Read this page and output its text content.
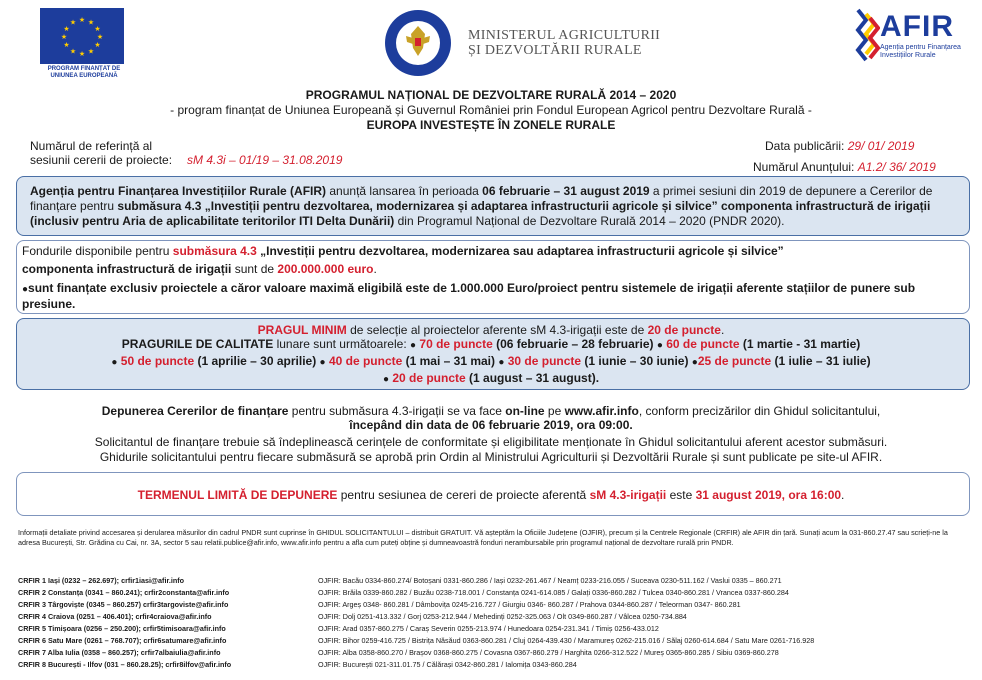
★ ★
★
★
★
★
★
★
★
★
★
★
PROGRAM FINANȚAT DE UNIUNEA EUROPEANĂ
MINISTERUL AGRICULTURII
ȘI DEZVOLTĂRII RURALE
AFIR
Agenția pentru Finanțarea
Investițiilor Rurale
PROGRAMUL NAȚIONAL DE DEZVOLTARE RURALĂ 2014 – 2020
- program finanțat de Uniunea Europeană și Guvernul României prin Fondul European Agricol pentru Dezvoltare Rurală -
EUROPA INVESTEȘTE ÎN ZONELE RURALE
Numărul de referință al
sesiunii cererii de proiecte: sM 4.3i – 01/19 – 31.08.2019
Data publicării: 29/ 01/ 2019
Numărul Anunțului: A1.2/ 36/ 2019
Agenția pentru Finanțarea Investițiilor Rurale (AFIR) anunță lansarea în perioada 06 februarie – 31 august 2019 a primei sesiuni din 2019 de depunere a Cererilor de finanțare pentru submăsura 4.3 „Investiții pentru dezvoltarea, modernizarea și adaptarea infrastructurii agricole și silvice” componenta infrastructură de irigații (inclusiv pentru Aria de aplicabilitate teritorilor ITI Delta Dunării) din Programul Național de Dezvoltare Rurală 2014 – 2020 (PNDR 2020).
Fondurile disponibile pentru submăsura 4.3 „Investiții pentru dezvoltarea, modernizarea sau adaptarea infrastructurii agricole și silvice”
componenta infrastructură de irigații sunt de 200.000.000 euro.
●sunt finanțate exclusiv proiectele a căror valoare maximă eligibilă este de 1.000.000 Euro/proiect pentru sistemele de irigații aferente stațiilor de punere sub presiune.
PRAGUL MINIM de selecție al proiectelor aferente sM 4.3-irigații este de 20 de puncte.
PRAGURILE DE CALITATE lunare sunt următoarele: ● 70 de puncte (06 februarie – 28 februarie) ● 60 de puncte (1 martie - 31 martie)
● 50 de puncte (1 aprilie – 30 aprilie) ● 40 de puncte (1 mai – 31 mai) ● 30 de puncte (1 iunie – 30 iunie) ●25 de puncte (1 iulie – 31 iulie)
● 20 de puncte (1 august – 31 august).
Depunerea Cererilor de finanțare pentru submăsura 4.3-irigații se va face on-line pe www.afir.info, conform precizărilor din Ghidul solicitantului,
începând din data de 06 februarie 2019, ora 09:00.
Solicitantul de finanțare trebuie să îndeplinească cerințele de conformitate și eligibilitate menționate în Ghidul solicitantului aferent acestor submăsuri.
Ghidurile solicitantului pentru fiecare submăsură se aprobă prin Ordin al Ministrului Agriculturii și Dezvoltării Rurale și sunt publicate pe site-ul AFIR.
TERMENUL LIMITĂ DE DEPUNERE pentru sesiunea de cereri de proiecte aferentă sM 4.3-irigații este 31 august 2019, ora 16:00.
Informații detaliate privind accesarea și derularea măsurilor din cadrul PNDR sunt cuprinse în GHIDUL SOLICITANTULUI – distribuit GRATUIT. Vă așteptăm la Oficiile Județene (OJFIR), precum și la Centrele Regionale (CRFIR) ale AFIR din țară. Sunați acum la 031-860.27.47 sau scrieți-ne la adresa București, Str. Grădina cu Cai, nr. 3A, sector 5 sau relatii.publice@afir.info, www.afir.info pentru a afla cum puteți obține și dumneavoastră fonduri nerambursabile prin programul național de dezvoltare rurală prin PNDR.
CRFIR 1 Iași (0232 – 262.697); crfir1iasi@afir.info
CRFIR 2 Constanța (0341 – 860.241); crfir2constanta@afir.info
CRFIR 3 Târgoviște (0345 – 860.257) crfir3targoviste@afir.info
CRFIR 4 Craiova (0251 – 406.401); crfir4craiova@afir.info
CRFIR 5 Timișoara (0256 – 250.200); crfir5timisoara@afir.info
CRFIR 6 Satu Mare (0261 – 768.707); crfir6satumare@afir.info
CRFIR 7 Alba Iulia (0358 – 860.257); crfir7albaiulia@afir.info
CRFIR 8 București - Ilfov (031 – 860.28.25); crfir8ilfov@afir.info
OJFIR: Bacău 0334-860.274/ Botoșani 0331-860.286 / Iași 0232-261.467 / Neamț 0233-216.055 / Suceava 0230-511.162 / Vaslui 0335 – 860.271
OJFIR: Brăila 0339-860.282 / Buzău 0238-718.001 / Constanța 0241-614.085 / Galați 0336-860.282 / Tulcea 0340-860.281 / Vrancea 0337-860.284
OJFIR: Argeș 0348- 860.281 / Dâmbovița 0245-216.727 / Giurgiu 0346- 860.287 / Prahova 0344-860.287 / Teleorman 0347- 860.281
OJFIR: Dolj 0251-413.332 / Gorj 0253-212.944 / Mehedinți 0252-325.063 / Olt 0349-860.287 / Vâlcea 0250-734.884
OJFIR: Arad 0357-860.275 / Caraș Severin 0255-213.974 / Hunedoara 0254-231.341 / Timiș 0256-433.012
OJFIR: Bihor 0259-416.725 / Bistrița Năsăud 0363-860.281 / Cluj 0264-439.430 / Maramureș 0262-215.016 / Sălaj 0260-614.684 / Satu Mare 0261-716.928
OJFIR: Alba 0358-860.270 / Brașov 0368-860.275 / Covasna 0367-860.279 / Harghita 0266-312.522 / Mureș 0365-860.285 / Sibiu 0369-860.278
OJFIR: București 021-311.01.75 / Călărași 0342-860.281 / Ialomița 0343-860.284
